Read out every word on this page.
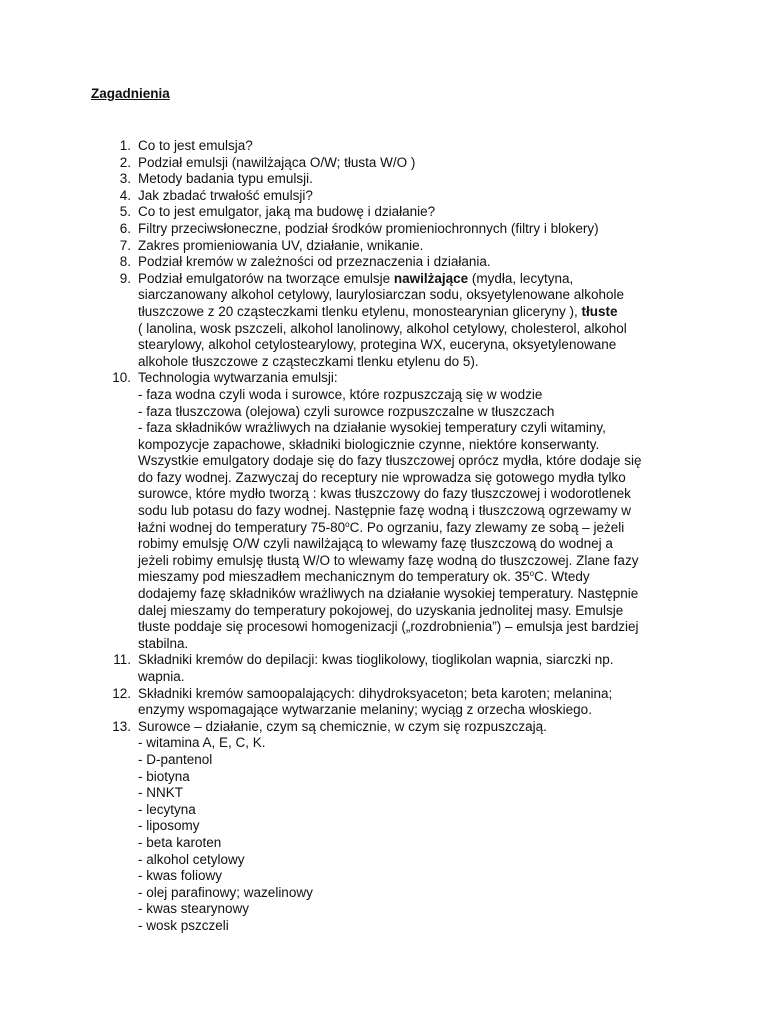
Zagadnienia

1. Co to jest emulsja?
2. Podział emulsji (nawilżająca O/W; tłusta W/O )
3. Metody badania typu emulsji.
4. Jak zbadać trwałość emulsji?
5. Co to jest emulgator, jaką ma budowę i działanie?
6. Filtry przeciwsłoneczne, podział środków promieniochronnych (filtry i blokery)
7. Zakres promieniowania UV, działanie, wnikanie.
8. Podział kremów w zależności od przeznaczenia i działania.
9. Podział emulgatorów na tworzące emulsje nawilżające (mydła, lecytyna,
siarczanowany alkohol cetylowy, laurylosiarczan sodu, oksyetylenowane alkohole
tłuszczowe z 20 cząsteczkami tlenku etylenu, monostearynian gliceryny ), tłuste
( lanolina, wosk pszczeli, alkohol lanolinowy, alkohol cetylowy, cholesterol, alkohol
stearylowy, alkohol cetylostearylowy, protegina WX, euceryna, oksyetylenowane
alkohole tłuszczowe z cząsteczkami tlenku etylenu do 5).
10. Technologia wytwarzania emulsji:
- faza wodna czyli woda i surowce, które rozpuszczają się w wodzie
- faza tłuszczowa (olejowa) czyli surowce rozpuszczalne w tłuszczach
- faza składników wrażliwych na działanie wysokiej temperatury czyli witaminy,
kompozycje zapachowe, składniki biologicznie czynne, niektóre konserwanty.
Wszystkie emulgatory dodaje się do fazy tłuszczowej oprócz mydła, które dodaje się
do fazy wodnej. Zazwyczaj do receptury nie wprowadza się gotowego mydła tylko
surowce, które mydło tworzą : kwas tłuszczowy do fazy tłuszczowej i wodorotlenek
sodu lub potasu do fazy wodnej. Następnie fazę wodną i tłuszczową ogrzewamy w
łaźni wodnej do temperatury 75-80$^o$C. Po ogrzaniu, fazy zlewamy ze sobą – jeżeli
robimy emulsję O/W czyli nawilżającą to wlewamy fazę tłuszczową do wodnej a
jeżeli robimy emulsję tłustą W/O to wlewamy fazę wodną do tłuszczowej. Zlane fazy
mieszamy pod mieszadłem mechanicznym do temperatury ok. 35$^o$C. Wtedy
dodajemy fazę składników wrażliwych na działanie wysokiej temperatury. Następnie
dalej mieszamy do temperatury pokojowej, do uzyskania jednolitej masy. Emulsje
tłuste poddaje się procesowi homogenizacji („rozdrobnienia”) – emulsja jest bardziej
stabilna.
11. Składniki kremów do depilacji: kwas tioglikolowy, tioglikolan wapnia, siarczki np.
wapnia.
12. Składniki kremów samoopalających: dihydroksyaceton; beta karoten; melanina;
enzymy wspomagające wytwarzanie melaniny; wyciąg z orzecha włoskiego.
13. Surowce – działanie, czym są chemicznie, w czym się rozpuszczają.
- witamina A, E, C, K.
- D-pantenol
- biotyna
- NNKT
- lecytyna
- liposomy
- beta karoten
- alkohol cetylowy
- kwas foliowy
- olej parafinowy; wazelinowy
- kwas stearynowy
- wosk pszczeli
